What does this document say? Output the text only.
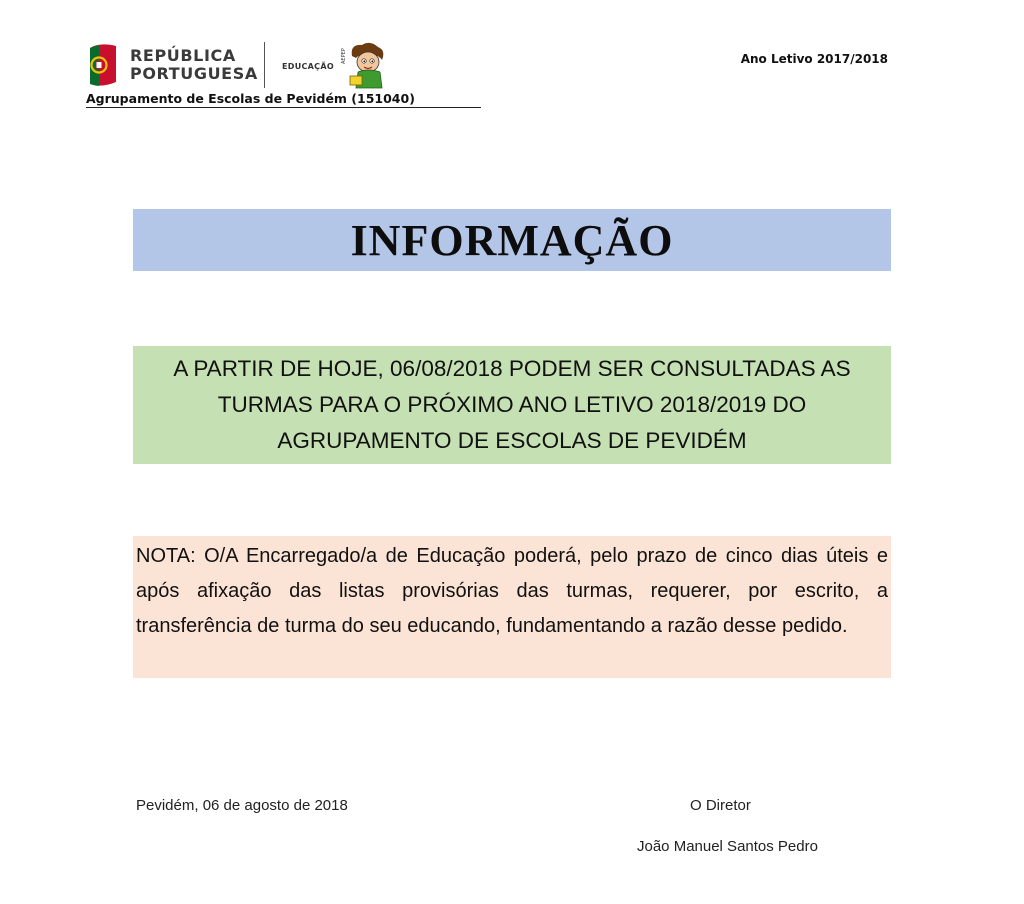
REPÚBLICA
PORTUGUESA	EDUCAÇÃO
AEPEP
Agrupamento de Escolas de Pevidém (151040)
Ano Letivo 2017/2018
INFORMAÇÃO
A PARTIR DE HOJE, 06/08/2018 PODEM SER CONSULTADAS AS TURMAS PARA O PRÓXIMO ANO LETIVO 2018/2019 DO AGRUPAMENTO DE ESCOLAS DE PEVIDÉM
NOTA: O/A Encarregado/a de Educação poderá, pelo prazo de cinco dias úteis e após afixação das listas provisórias das turmas, requerer, por escrito, a transferência de turma do seu educando, fundamentando a razão desse pedido.
Pevidém, 06 de agosto de 2018	O Diretor
João Manuel Santos Pedro
